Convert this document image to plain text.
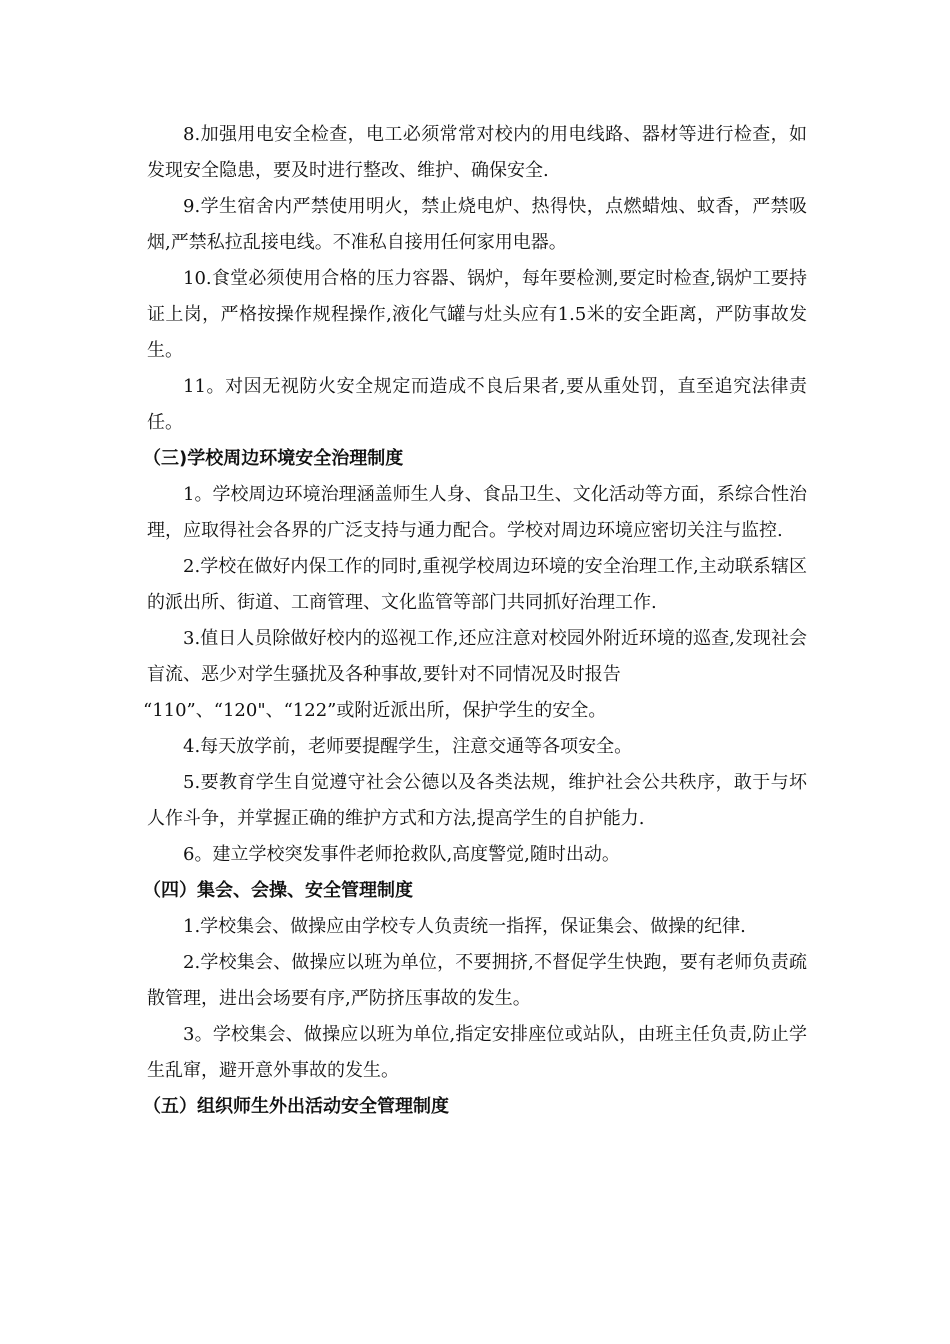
8.加强用电安全检查，电工必须常常对校内的用电线路、器材等进行检查，如发现安全隐患，要及时进行整改、维护、确保安全.

9.学生宿舍内严禁使用明火，禁止烧电炉、热得快，点燃蜡烛、蚊香，严禁吸烟,严禁私拉乱接电线。不准私自接用任何家用电器。

10.食堂必须使用合格的压力容器、锅炉，每年要检测,要定时检查,锅炉工要持证上岗，严格按操作规程操作,液化气罐与灶头应有1.5米的安全距离，严防事故发生。

11。对因无视防火安全规定而造成不良后果者,要从重处罚，直至追究法律责任。

（三)学校周边环境安全治理制度

1。学校周边环境治理涵盖师生人身、食品卫生、文化活动等方面，系综合性治理，应取得社会各界的广泛支持与通力配合。学校对周边环境应密切关注与监控.

2.学校在做好内保工作的同时,重视学校周边环境的安全治理工作,主动联系辖区的派出所、街道、工商管理、文化监管等部门共同抓好治理工作.

3.值日人员除做好校内的巡视工作,还应注意对校园外附近环境的巡查,发现社会盲流、恶少对学生骚扰及各种事故,要针对不同情况及时报告

“110”、“120"、“122”或附近派出所，保护学生的安全。

4.每天放学前，老师要提醒学生，注意交通等各项安全。

5.要教育学生自觉遵守社会公德以及各类法规，维护社会公共秩序，敢于与坏人作斗争，并掌握正确的维护方式和方法,提高学生的自护能力.

6。建立学校突发事件老师抢救队,高度警觉,随时出动。

（四）集会、会操、安全管理制度

1.学校集会、做操应由学校专人负责统一指挥，保证集会、做操的纪律.

2.学校集会、做操应以班为单位，不要拥挤,不督促学生快跑，要有老师负责疏散管理，进出会场要有序,严防挤压事故的发生。

3。学校集会、做操应以班为单位,指定安排座位或站队，由班主任负责,防止学生乱窜，避开意外事故的发生。

（五）组织师生外出活动安全管理制度
